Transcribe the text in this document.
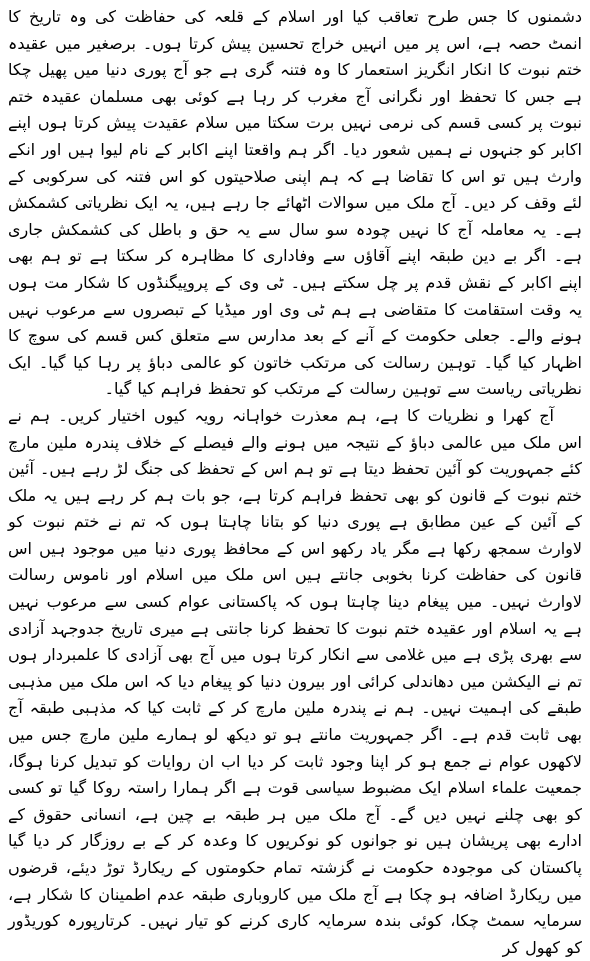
دشمنوں کا جس طرح تعاقب کیا اور اسلام کے قلعہ کی حفاظت کی وہ تاریخ کا انمٹ حصہ ہے، اس پر میں انہیں خراج تحسین پیش کرتا ہوں۔ برصغیر میں عقیدہ ختم نبوت کا انکار انگریز استعمار کا وہ فتنہ گری ہے جو آج پوری دنیا میں پھیل چکا ہے جس کا تحفظ اور نگرانی آج مغرب کر رہا ہے کوئی بھی مسلمان عقیدہ ختم نبوت پر کسی قسم کی نرمی نہیں برت سکتا میں سلام عقیدت پیش کرتا ہوں اپنے اکابر کو جنہوں نے ہمیں شعور دیا۔ اگر ہم واقعتا اپنے اکابر کے نام لیوا ہیں اور انکے وارث ہیں تو اس کا تقاضا ہے کہ ہم اپنی صلاحیتوں کو اس فتنہ کی سرکوبی کے لئے وقف کر دیں۔ آج ملک میں سوالات اٹھائے جا رہے ہیں، یہ ایک نظریاتی کشمکش ہے۔ یہ معاملہ آج کا نہیں چودہ سو سال سے یہ حق و باطل کی کشمکش جاری ہے۔ اگر بے دین طبقہ اپنے آقاؤں سے وفاداری کا مظاہرہ کر سکتا ہے تو ہم بھی اپنے اکابر کے نقش قدم پر چل سکتے ہیں۔ ٹی وی کے پروپیگنڈوں کا شکار مت ہوں یہ وقت استقامت کا متقاضی ہے ہم ٹی وی اور میڈیا کے تبصروں سے مرعوب نہیں ہونے والے۔ جعلی حکومت کے آنے کے بعد مدارس سے متعلق کس قسم کی سوچ کا اظہار کیا گیا۔ توہین رسالت کی مرتکب خاتون کو عالمی دباؤ پر رہا کیا گیا۔ ایک نظریاتی ریاست سے توہین رسالت کے مرتکب کو تحفظ فراہم کیا گیا۔

آج کھرا و نظریات کا ہے، ہم معذرت خواہانہ رویہ کیوں اختیار کریں۔ ہم نے اس ملک میں عالمی دباؤ کے نتیجہ میں ہونے والے فیصلے کے خلاف پندرہ ملین مارچ کئے جمہوریت کو آئین تحفظ دیتا ہے تو ہم اس کے تحفظ کی جنگ لڑ رہے ہیں۔ آئین ختم نبوت کے قانون کو بھی تحفظ فراہم کرتا ہے، جو بات ہم کر رہے ہیں یہ ملک کے آئین کے عین مطابق ہے پوری دنیا کو بتانا چاہتا ہوں کہ تم نے ختم نبوت کو لاوارث سمجھ رکھا ہے مگر یاد رکھو اس کے محافظ پوری دنیا میں موجود ہیں اس قانون کی حفاظت کرنا بخوبی جانتے ہیں اس ملک میں اسلام اور ناموس رسالت لاوارث نہیں۔ میں پیغام دینا چاہتا ہوں کہ پاکستانی عوام کسی سے مرعوب نہیں ہے یہ اسلام اور عقیدہ ختم نبوت کا تحفظ کرنا جانتی ہے میری تاریخ جدوجہد آزادی سے بھری پڑی ہے میں غلامی سے انکار کرتا ہوں میں آج بھی آزادی کا علمبردار ہوں تم نے الیکشن میں دھاندلی کرائی اور بیرون دنیا کو پیغام دیا کہ اس ملک میں مذہبی طبقے کی اہمیت نہیں۔ ہم نے پندرہ ملین مارچ کر کے ثابت کیا کہ مذہبی طبقہ آج بھی ثابت قدم ہے۔ اگر جمہوریت مانتے ہو تو دیکھ لو ہمارے ملین مارچ جس میں لاکھوں عوام نے جمع ہو کر اپنا وجود ثابت کر دیا اب ان روایات کو تبدیل کرنا ہوگا، جمعیت علماء اسلام ایک مضبوط سیاسی قوت ہے اگر ہمارا راستہ روکا گیا تو کسی کو بھی چلنے نہیں دیں گے۔ آج ملک میں ہر طبقہ بے چین ہے، انسانی حقوق کے ادارے بھی پریشان ہیں نو جوانوں کو نوکریوں کا وعدہ کر کے بے روزگار کر دیا گیا پاکستان کی موجودہ حکومت نے گزشتہ تمام حکومتوں کے ریکارڈ توڑ دیئے، قرضوں میں ریکارڈ اضافہ ہو چکا ہے آج ملک میں کاروباری طبقہ عدم اطمینان کا شکار ہے، سرمایہ سمٹ چکا، کوئی بندہ سرمایہ کاری کرنے کو تیار نہیں۔ کرتارپورہ کوریڈور کو کھول کر
